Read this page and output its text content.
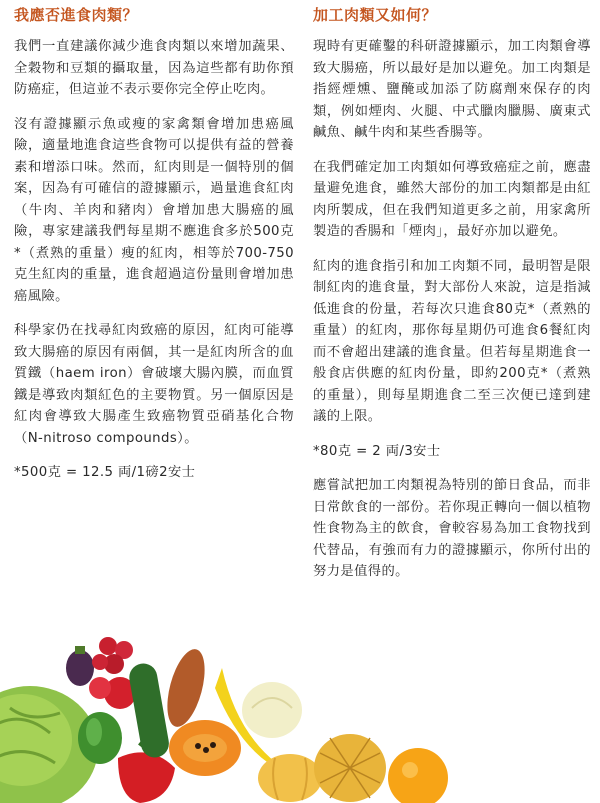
我應否進食肉類？

我們一直建議你減少進食肉類以來增加蔬果、全穀物和豆類的攝取量，因為這些都有助你預防癌症，但這並不表示要你完全停止吃肉。

沒有證據顯示魚或瘦的家禽類會增加患癌風險，適量地進食這些食物可以提供有益的營養素和增添口味。然而，紅肉則是一個特別的個案，因為有可確信的證據顯示，過量進食紅肉（牛肉、羊肉和豬肉）會增加患大腸癌的風險，專家建議我們每星期不應進食多於500克*（煮熟的重量）瘦的紅肉，相等於700-750克生紅肉的重量，進食超過這份量則會增加患癌風險。

科學家仍在找尋紅肉致癌的原因，紅肉可能導致大腸癌的原因有兩個，其一是紅肉所含的血質鐵（haem iron）會破壞大腸內膜，而血質鐵是導致肉類紅色的主要物質。另一個原因是紅肉會導致大腸產生致癌物質亞硝基化合物（N-nitroso compounds）。

*500克 = 12.5 両/1磅2安士

加工肉類又如何？

現時有更確鑿的科研證據顯示，加工肉類會導致大腸癌，所以最好是加以避免。加工肉類是指經煙燻、鹽醃或加添了防腐劑來保存的肉類，例如煙肉、火腿、中式臘肉臘腸、廣東式鹹魚、鹹牛肉和某些香腸等。

在我們確定加工肉類如何導致癌症之前，應盡量避免進食，雖然大部份的加工肉類都是由紅肉所製成，但在我們知道更多之前，用家禽所製造的香腸和「煙肉」，最好亦加以避免。

紅肉的進食指引和加工肉類不同，最明智是限制紅肉的進食量，對大部份人來說，這是指減低進食的份量，若每次只進食80克*（煮熟的重量）的紅肉，那你每星期仍可進食6餐紅肉而不會超出建議的進食量。但若每星期進食一般食店供應的紅肉份量，即約200克*（煮熟的重量），則每星期進食二至三次便已達到建議的上限。

*80克 = 2 両/3安士

應嘗試把加工肉類視為特別的節日食品，而非日常飲食的一部份。若你現正轉向一個以植物性食物為主的飲食，會較容易為加工食物找到代替品，有強而有力的證據顯示，你所付出的努力是值得的。
